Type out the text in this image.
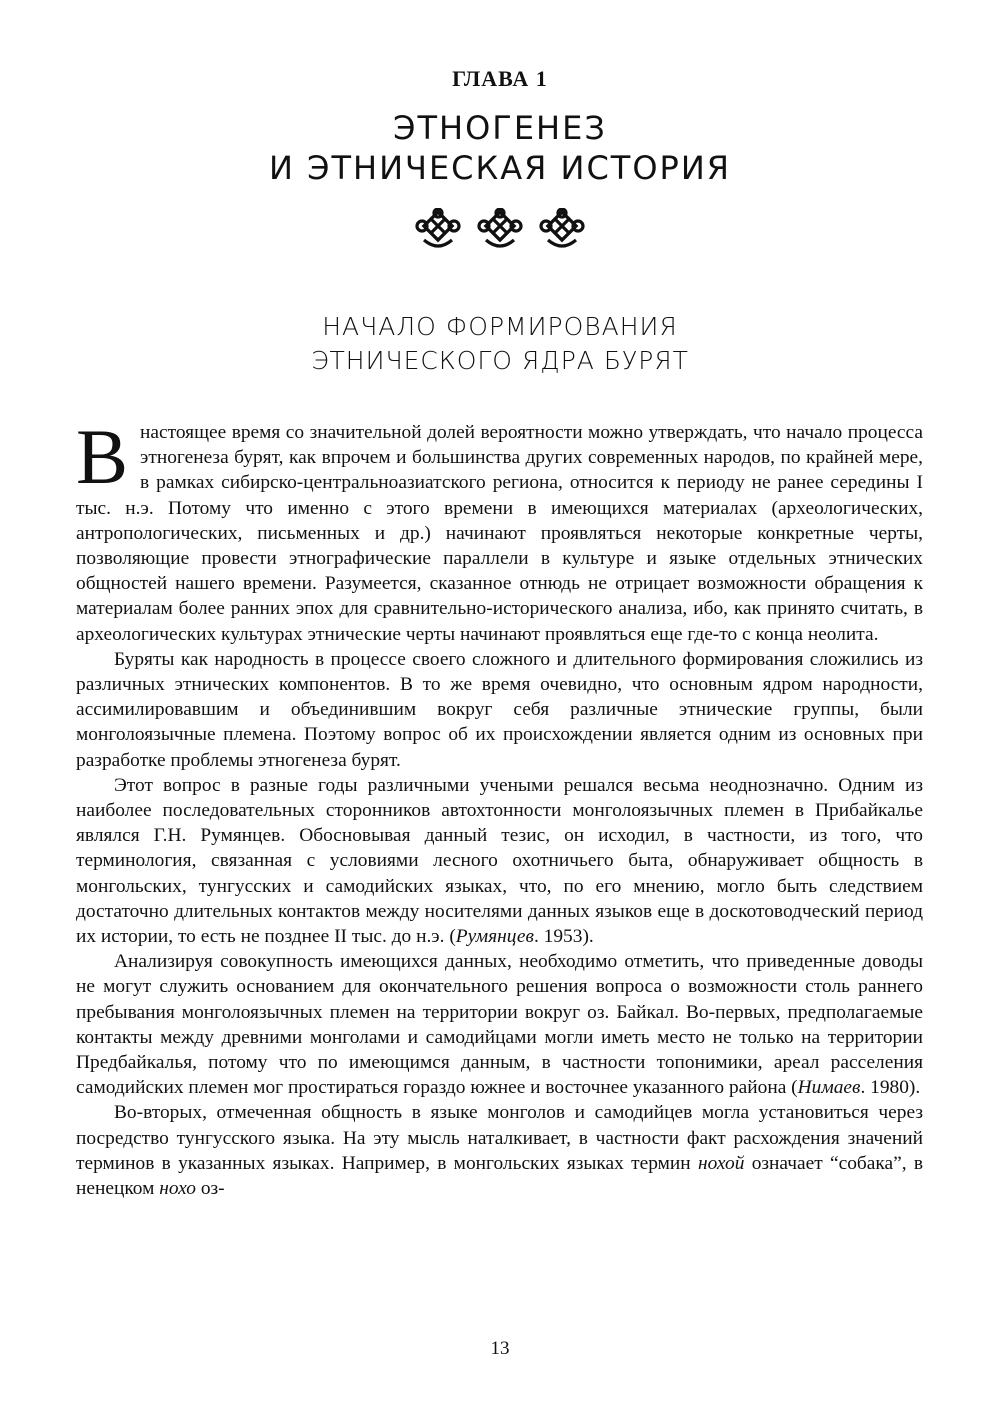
ГЛАВА 1
ЭТНОГЕНЕЗ
И ЭТНИЧЕСКАЯ ИСТОРИЯ
НАЧАЛО ФОРМИРОВАНИЯ
ЭТНИЧЕСКОГО ЯДРА БУРЯТ

Внастоящее время со значительной долей вероятности можно утверждать, что начало процесса этногенеза бурят, как впрочем и большинства других современных народов, по крайней мере, в рамках сибирско-центральноазиатского региона, относится к периоду не ранее середины I тыс. н.э. Потому что именно с этого времени в имеющихся материалах (археологических, антропологических, письменных и др.) начинают проявляться некоторые конкретные черты, позволяющие провести этнографические параллели в культуре и языке отдельных этнических общностей нашего времени. Разумеется, сказанное отнюдь не отрицает возможности обращения к материалам более ранних эпох для сравнительно-исторического анализа, ибо, как принято считать, в археологических культурах этнические черты начинают проявляться еще где-то с конца неолита.

Буряты как народность в процессе своего сложного и длительного формирования сложились из различных этнических компонентов. В то же время очевидно, что основным ядром народности, ассимилировавшим и объединившим вокруг себя различные этнические группы, были монголоязычные племена. Поэтому вопрос об их происхождении является одним из основных при разработке проблемы этногенеза бурят.

Этот вопрос в разные годы различными учеными решался весьма неоднозначно. Одним из наиболее последовательных сторонников автохтонности монголоязычных племен в Прибайкалье являлся Г.Н. Румянцев. Обосновывая данный тезис, он исходил, в частности, из того, что терминология, связанная с условиями лесного охотничьего быта, обнаруживает общность в монгольских, тунгусских и самодийских языках, что, по его мнению, могло быть следствием достаточно длительных контактов между носителями данных языков еще в доскотоводческий период их истории, то есть не позднее II тыс. до н.э. (Румянцев. 1953).

Анализируя совокупность имеющихся данных, необходимо отметить, что приведенные доводы не могут служить основанием для окончательного решения вопроса о возможности столь раннего пребывания монголоязычных племен на территории вокруг оз. Байкал. Во-первых, предполагаемые контакты между древними монголами и самодийцами могли иметь место не только на территории Предбайкалья, потому что по имеющимся данным, в частности топонимики, ареал расселения самодийских племен мог простираться гораздо южнее и восточнее указанного района (Нимаев. 1980).

Во-вторых, отмеченная общность в языке монголов и самодийцев могла установиться через посредство тунгусского языка. На эту мысль наталкивает, в частности факт расхождения значений терминов в указанных языках. Например, в монгольских языках термин нохой означает “собака”, в ненецком нохо оз-

13
